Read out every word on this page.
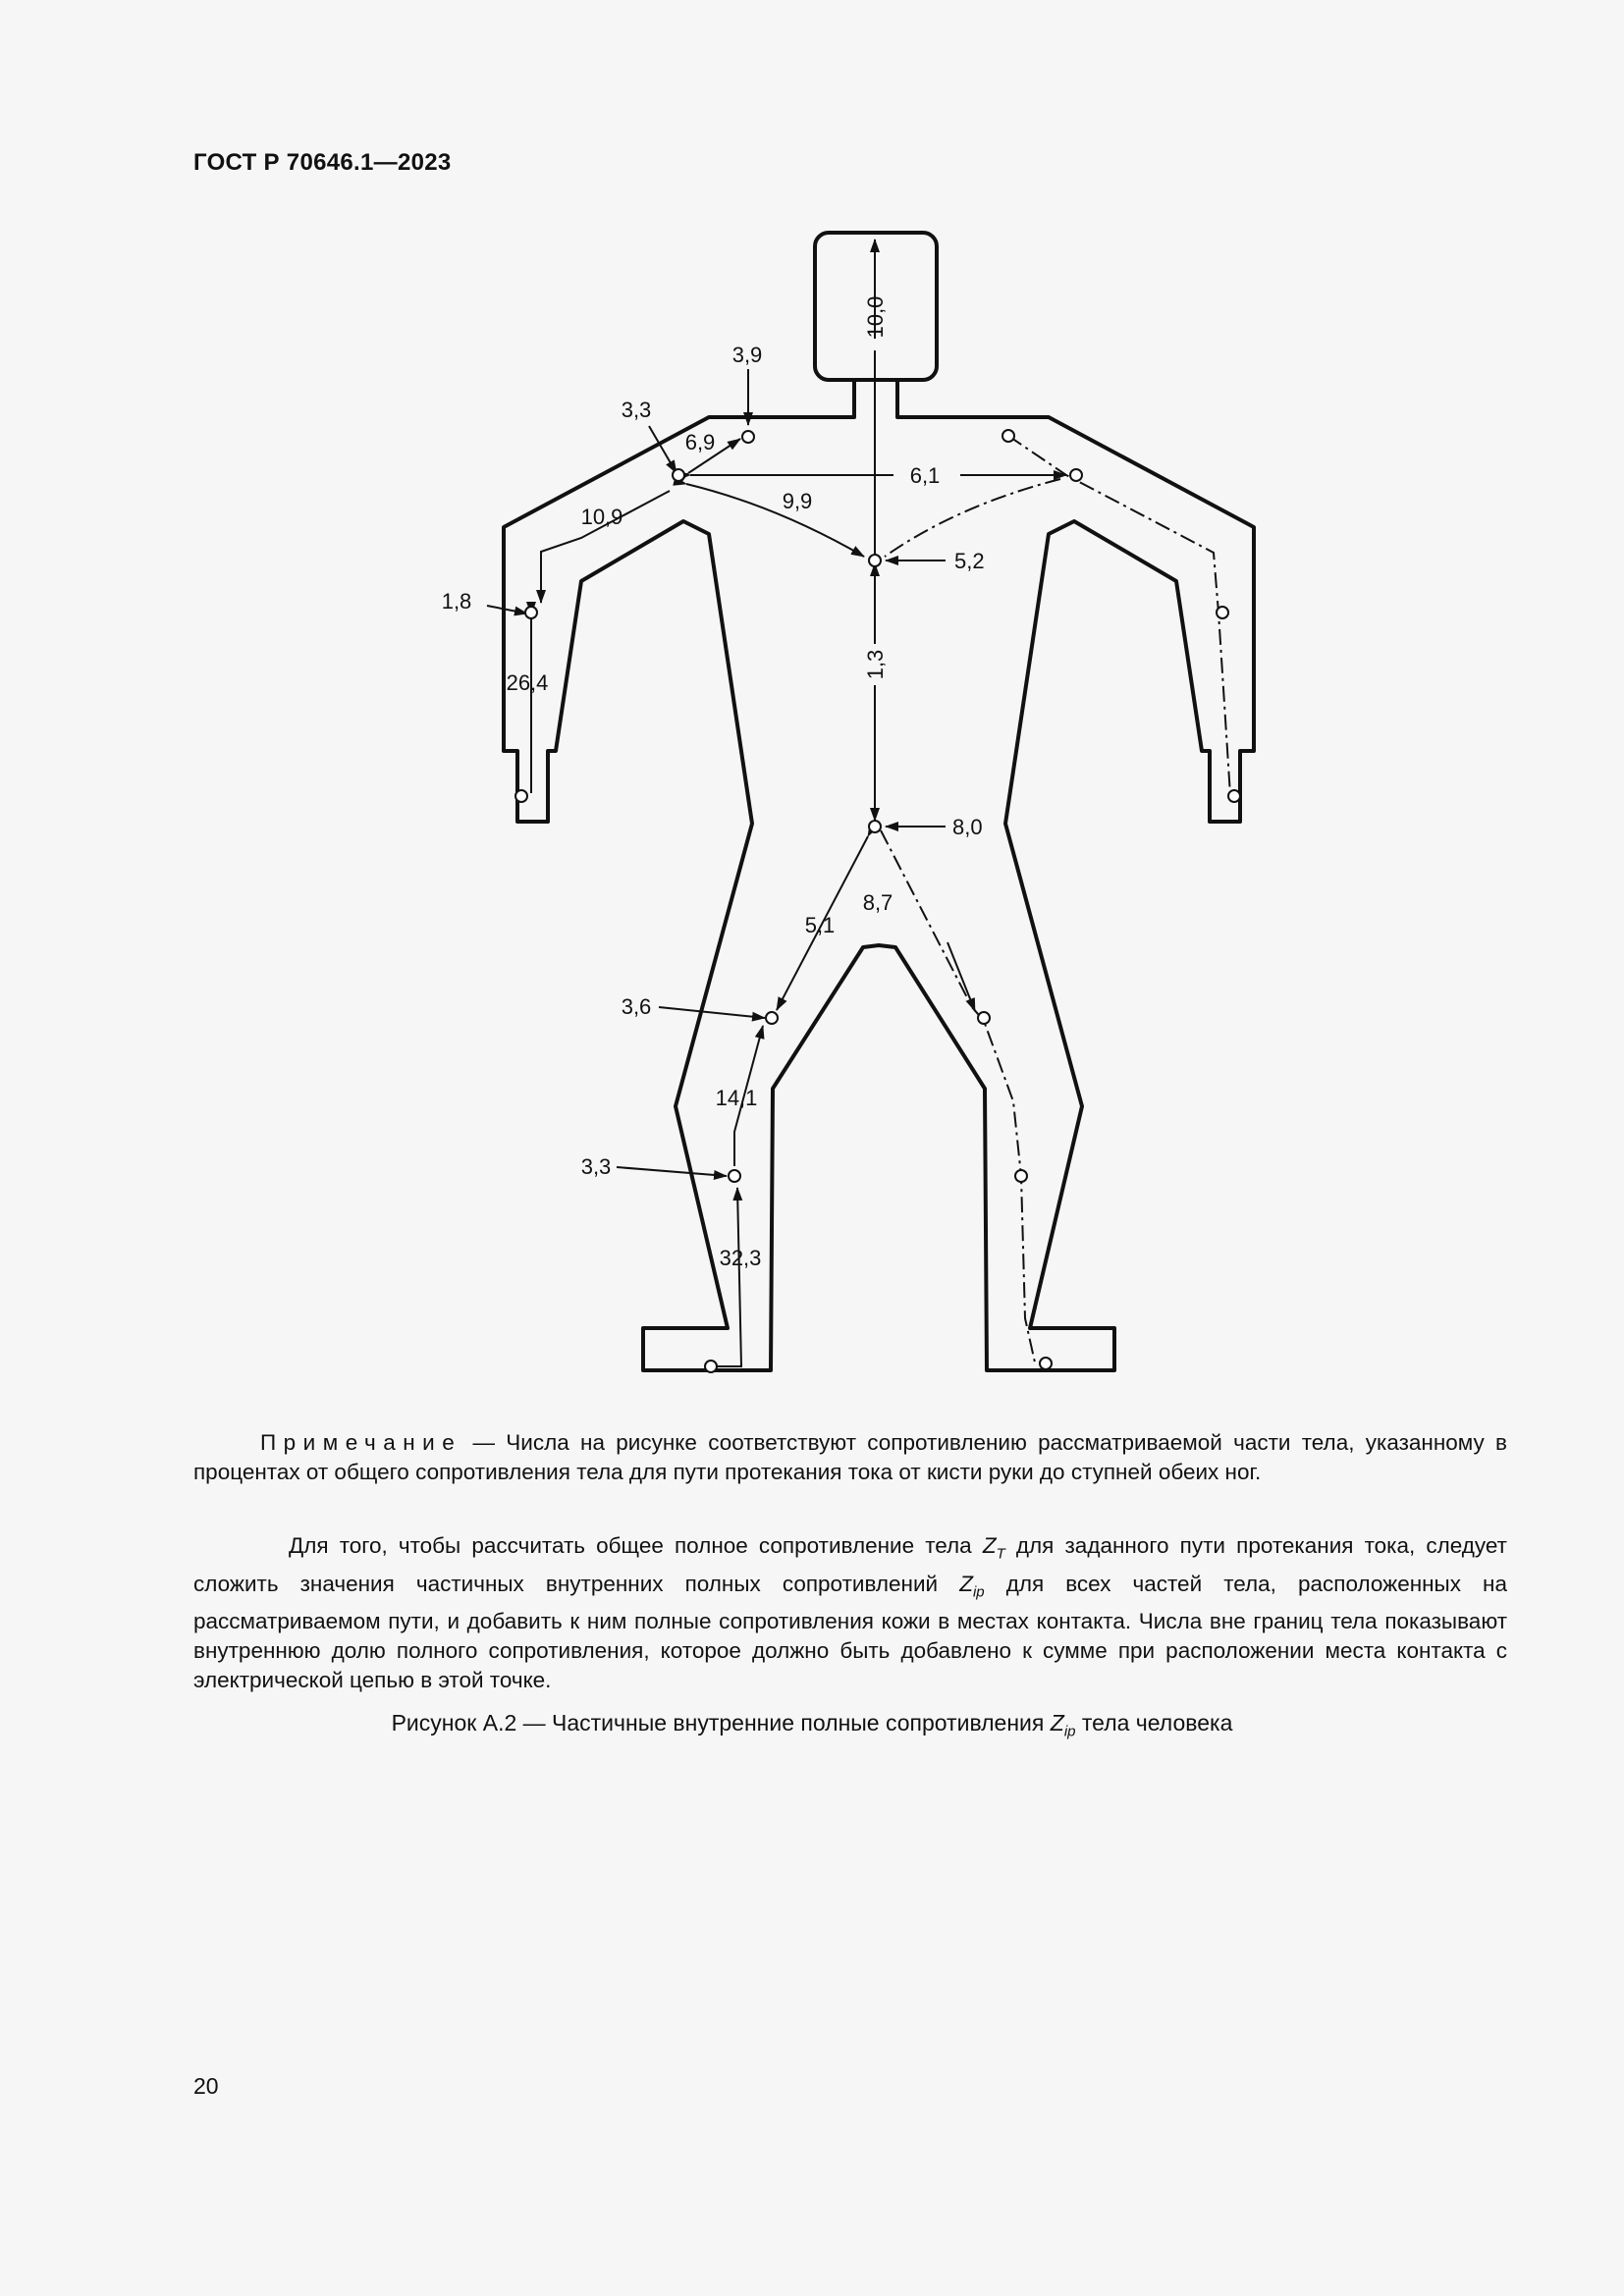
ГОСТ Р 70646.1—2023
10,0
3,9
3,3
6,9
6,1
9,9
10,9
5,2
1,8
26,4
1,3
8,0
8,7
5,1
3,6
14,1
3,3
32,3
Примечание — Числа на рисунке соответствуют сопротивлению рассматриваемой части тела, указанному в процентах от общего сопротивления тела для пути протекания тока от кисти руки до ступней обеих ног.
Для того, чтобы рассчитать общее полное сопротивление тела $Z_T$ для заданного пути протекания тока, следует сложить значения частичных внутренних полных сопротивлений $Z_{ip}$ для всех частей тела, расположенных на рассматриваемом пути, и добавить к ним полные сопротивления кожи в местах контакта. Числа вне границ тела показывают внутреннюю долю полного сопротивления, которое должно быть добавлено к сумме при расположении места контакта с электрической цепью в этой точке.
Рисунок А.2 — Частичные внутренние полные сопротивления $Z_{ip}$ тела человека
20
